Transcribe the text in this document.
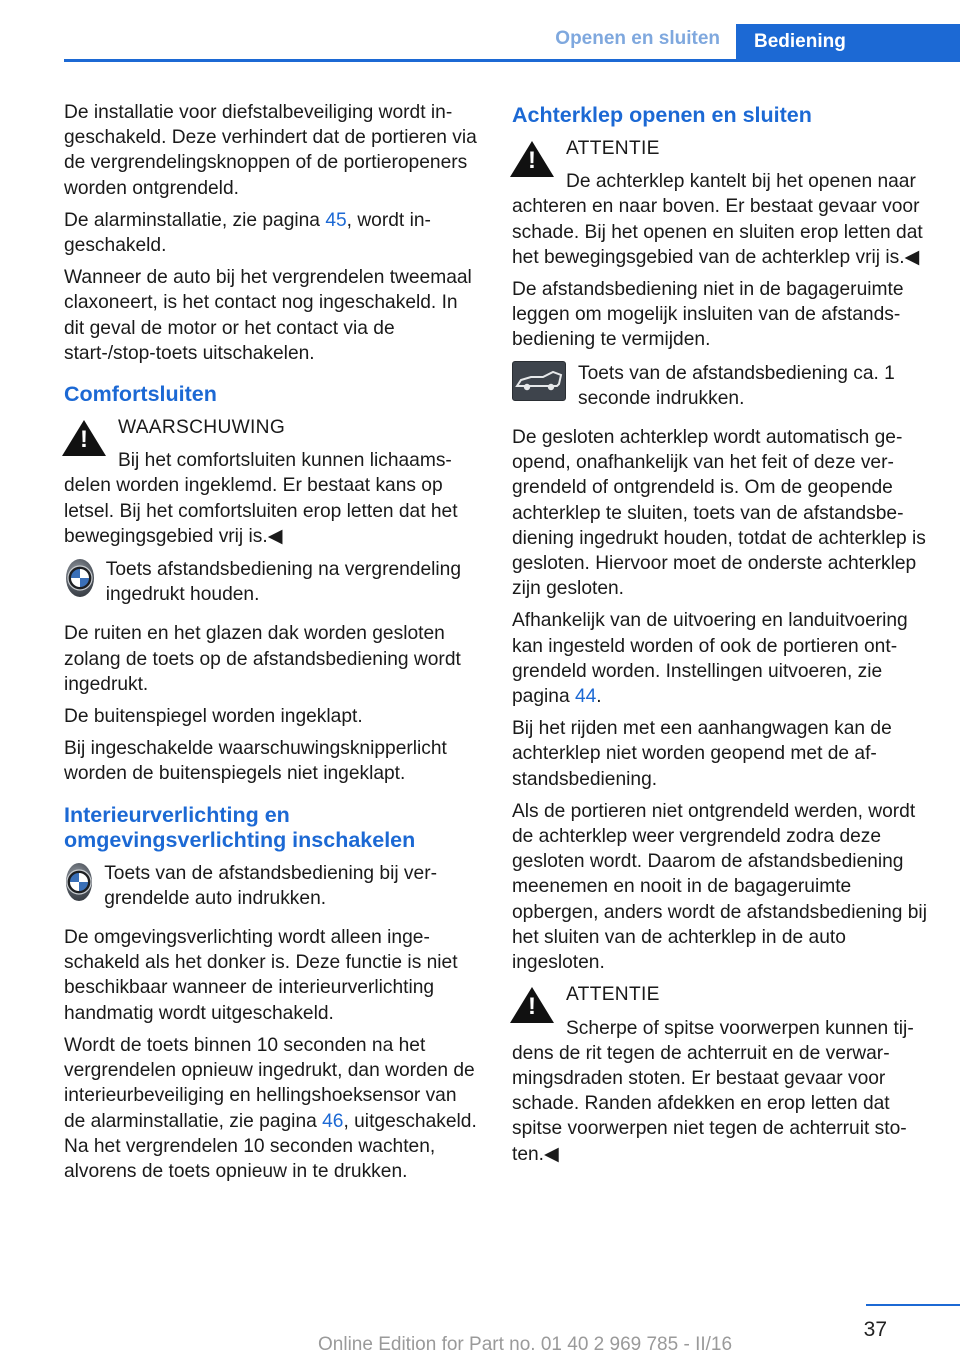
Openen en sluiten	Bediening

De installatie voor diefstalbeveiliging wordt ingeschakeld. Deze verhindert dat de portieren via de vergrendelingsknoppen of de portieropeners worden ontgrendeld.

De alarminstallatie, zie pagina 45, wordt ingeschakeld.

Wanneer de auto bij het vergrendelen tweemaal claxoneert, is het contact nog ingeschakeld. In dit geval de motor or het contact via de start-/stop-toets uitschakelen.

Comfortsluiten
!
WAARSCHUWING

Bij het comfortsluiten kunnen lichaamsdelen worden ingeklemd. Er bestaat kans op letsel. Bij het comfortsluiten erop letten dat het bewegingsgebied vrij is.◀

Toets afstandsbediening na vergrendeling ingedrukt houden.

De ruiten en het glazen dak worden gesloten zolang de toets op de afstandsbediening wordt ingedrukt.

De buitenspiegel worden ingeklapt.

Bij ingeschakelde waarschuwingsknipperlicht worden de buitenspiegels niet ingeklapt.

Interieurverlichting en omgevingsverlichting inschakelen

Toets van de afstandsbediening bij vergrendelde auto indrukken.

De omgevingsverlichting wordt alleen ingeschakeld als het donker is. Deze functie is niet beschikbaar wanneer de interieurverlichting handmatig wordt uitgeschakeld.

Wordt de toets binnen 10 seconden na het vergrendelen opnieuw ingedrukt, dan worden de interieurbeveiliging en hellingshoeksensor van de alarminstallatie, zie pagina 46, uitgeschakeld. Na het vergrendelen 10 seconden wachten, alvorens de toets opnieuw in te drukken.

Achterklep openen en sluiten
!
ATTENTIE

De achterklep kantelt bij het openen naar achteren en naar boven. Er bestaat gevaar voor schade. Bij het openen en sluiten erop letten dat het bewegingsgebied van de achterklep vrij is.◀

De afstandsbediening niet in de bagageruimte leggen om mogelijk insluiten van de afstandsbediening te vermijden.

Toets van de afstandsbediening ca. 1 seconde indrukken.

De gesloten achterklep wordt automatisch geopend, onafhankelijk van het feit of deze vergrendeld of ontgrendeld is. Om de geopende achterklep te sluiten, toets van de afstandsbediening ingedrukt houden, totdat de achterklep is gesloten. Hiervoor moet de onderste achterklep zijn gesloten.

Afhankelijk van de uitvoering en landuitvoering kan ingesteld worden of ook de portieren ontgrendeld worden. Instellingen uitvoeren, zie pagina 44.

Bij het rijden met een aanhangwagen kan de achterklep niet worden geopend met de afstandsbediening.

Als de portieren niet ontgrendeld werden, wordt de achterklep weer vergrendeld zodra deze gesloten wordt. Daarom de afstandsbediening meenemen en nooit in de bagageruimte opbergen, anders wordt de afstandsbediening bij het sluiten van de achterklep in de auto ingesloten.

!
ATTENTIE

Scherpe of spitse voorwerpen kunnen tijdens de rit tegen de achterruit en de verwarmingsdraden stoten. Er bestaat gevaar voor schade. Randen afdekken en erop letten dat spitse voorwerpen niet tegen de achterruit stoten.◀

37
Online Edition for Part no. 01 40 2 969 785 - II/16
